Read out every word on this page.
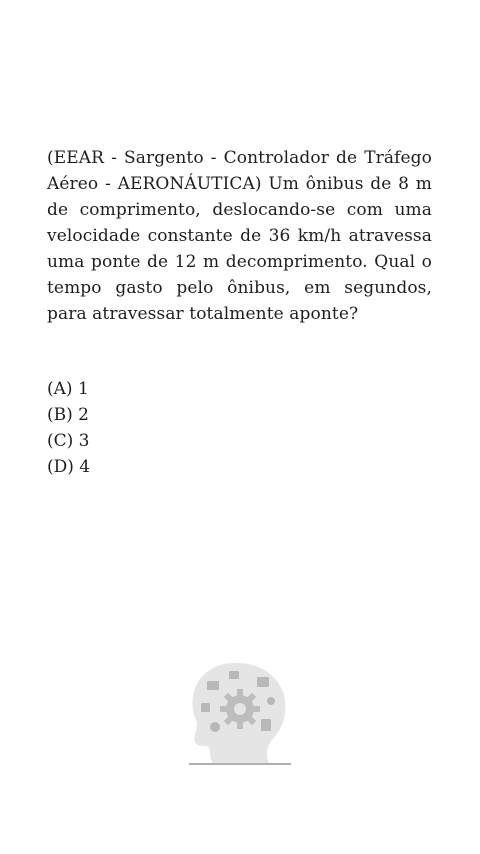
(EEAR - Sargento - Controlador de Tráfego Aéreo - AERONÁUTICA) Um ônibus de 8 m de comprimento, deslocando-se com uma velocidade constante de 36 km/h atravessa uma ponte de 12 m decomprimento. Qual o tempo gasto pelo ônibus, em segundos, para atravessar totalmente aponte?

(A) 1
(B) 2
(C) 3
(D) 4
